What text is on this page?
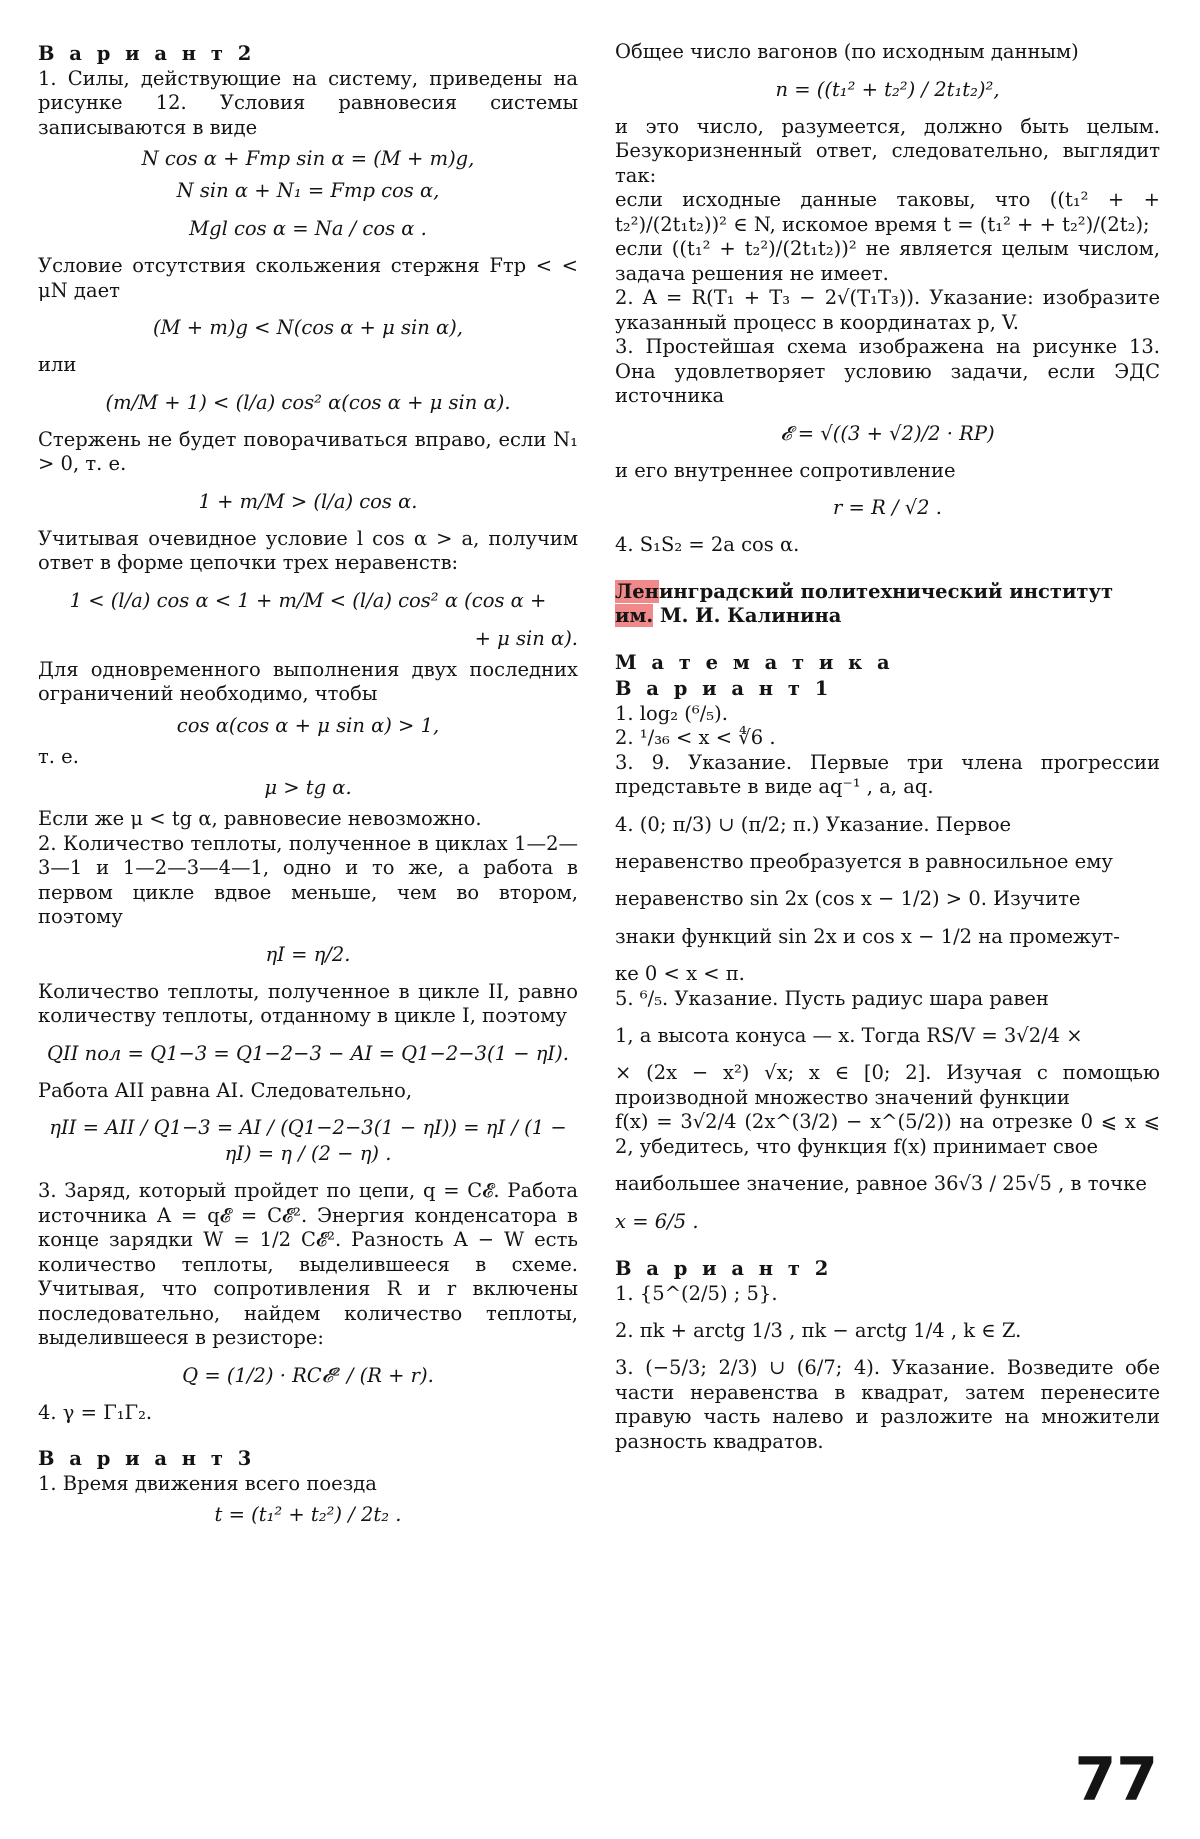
В а р и а н т 2

1. Силы, действующие на систему, приведены на рисунке 12. Условия равновесия системы записываются в виде

N cos α + Fтр sin α = (M + m)g,

N sin α + N₁ = Fтр cos α,

Mgl cos α = Na / cos α .

Условие отсутствия скольжения стержня Fтр < < μN дает

(M + m)g < N(cos α + μ sin α),

или

(m/M + 1) < (l/a) cos² α(cos α + μ sin α).

Стержень не будет поворачиваться вправо, если N₁ > 0, т. е.

1 + m/M > (l/a) cos α.

Учитывая очевидное условие l cos α > a, получим ответ в форме цепочки трех неравенств:

1 < (l/a) cos α < 1 + m/M < (l/a) cos² α (cos α +

+ μ sin α).

Для одновременного выполнения двух последних ограничений необходимо, чтобы

cos α(cos α + μ sin α) > 1,

т. е.

μ > tg α.

Если же μ < tg α, равновесие невозможно.

2. Количество теплоты, полученное в циклах 1—2—3—1 и 1—2—3—4—1, одно и то же, а работа в первом цикле вдвое меньше, чем во втором, поэтому

ηI = η/2.

Количество теплоты, полученное в цикле II, равно количеству теплоты, отданному в цикле I, поэтому

QII пол = Q1−3 = Q1−2−3 − AI = Q1−2−3(1 − ηI).

Работа AII равна AI. Следовательно,

ηII = AII / Q1−3 = AI / (Q1−2−3(1 − ηI)) = ηI / (1 − ηI) = η / (2 − η) .

3. Заряд, который пройдет по цепи, q = C𝓔. Работа источника A = q𝓔 = C𝓔². Энергия конденсатора в конце зарядки W = 1/2 C𝓔². Разность A − W есть количество теплоты, выделившееся в схеме. Учитывая, что сопротивления R и r включены последовательно, найдем количество теплоты, выделившееся в резисторе:

Q = (1/2) · RC𝓔² / (R + r).

4. γ = Γ₁Γ₂.

В а р и а н т 3

1. Время движения всего поезда

t = (t₁² + t₂²) / 2t₂ .

Общее число вагонов (по исходным данным)

n = ((t₁² + t₂²) / 2t₁t₂)²,

и это число, разумеется, должно быть целым. Безукоризненный ответ, следовательно, выглядит так:

если исходные данные таковы, что ((t₁² + + t₂²)/(2t₁t₂))² ∈ N, искомое время t = (t₁² + + t₂²)/(2t₂);

если ((t₁² + t₂²)/(2t₁t₂))² не является целым числом, задача решения не имеет.

2. A = R(T₁ + T₃ − 2√(T₁T₃)). Указание: изобразите указанный процесс в координатах p, V.

3. Простейшая схема изображена на рисунке 13. Она удовлетворяет условию задачи, если ЭДС источника

𝓔 = √((3 + √2)/2 · RP)

и его внутреннее сопротивление

r = R / √2 .

4. S₁S₂ = 2a cos α.

Ленинградский политехнический институт
им. М. И. Калинина

М а т е м а т и к а

В а р и а н т 1

1. log₂ (⁶/₅).

2. ¹/₃₆ < x < ∜6 .

3. 9. Указание. Первые три члена прогрессии представьте в виде aq⁻¹ , a, aq.

4. (0; π/3) ∪ (π/2; π.) Указание. Первое

неравенство преобразуется в равносильное ему

неравенство sin 2x (cos x − 1/2) > 0. Изучите

знаки функций sin 2x и cos x − 1/2 на промежут-

ке 0 < x < π.

5. ⁶/₅. Указание. Пусть радиус шара равен

1, а высота конуса — x. Тогда RS/V = 3√2/4 ×

× (2x − x²) √x; x ∈ [0; 2]. Изучая с помощью производной множество значений функции

f(x) = 3√2/4 (2x^(3/2) − x^(5/2)) на отрезке 0 ⩽ x ⩽ 2, убедитесь, что функция f(x) принимает свое

наибольшее значение, равное 36√3 / 25√5 , в точке

x = 6/5 .

В а р и а н т 2

1. {5^(2/5) ; 5}.

2. πk + arctg 1/3 , πk − arctg 1/4 , k ∈ Z.

3. (−5/3; 2/3) ∪ (6/7; 4). Указание. Возведите обе части неравенства в квадрат, затем перенесите правую часть налево и разложите на множители разность квадратов.

77
